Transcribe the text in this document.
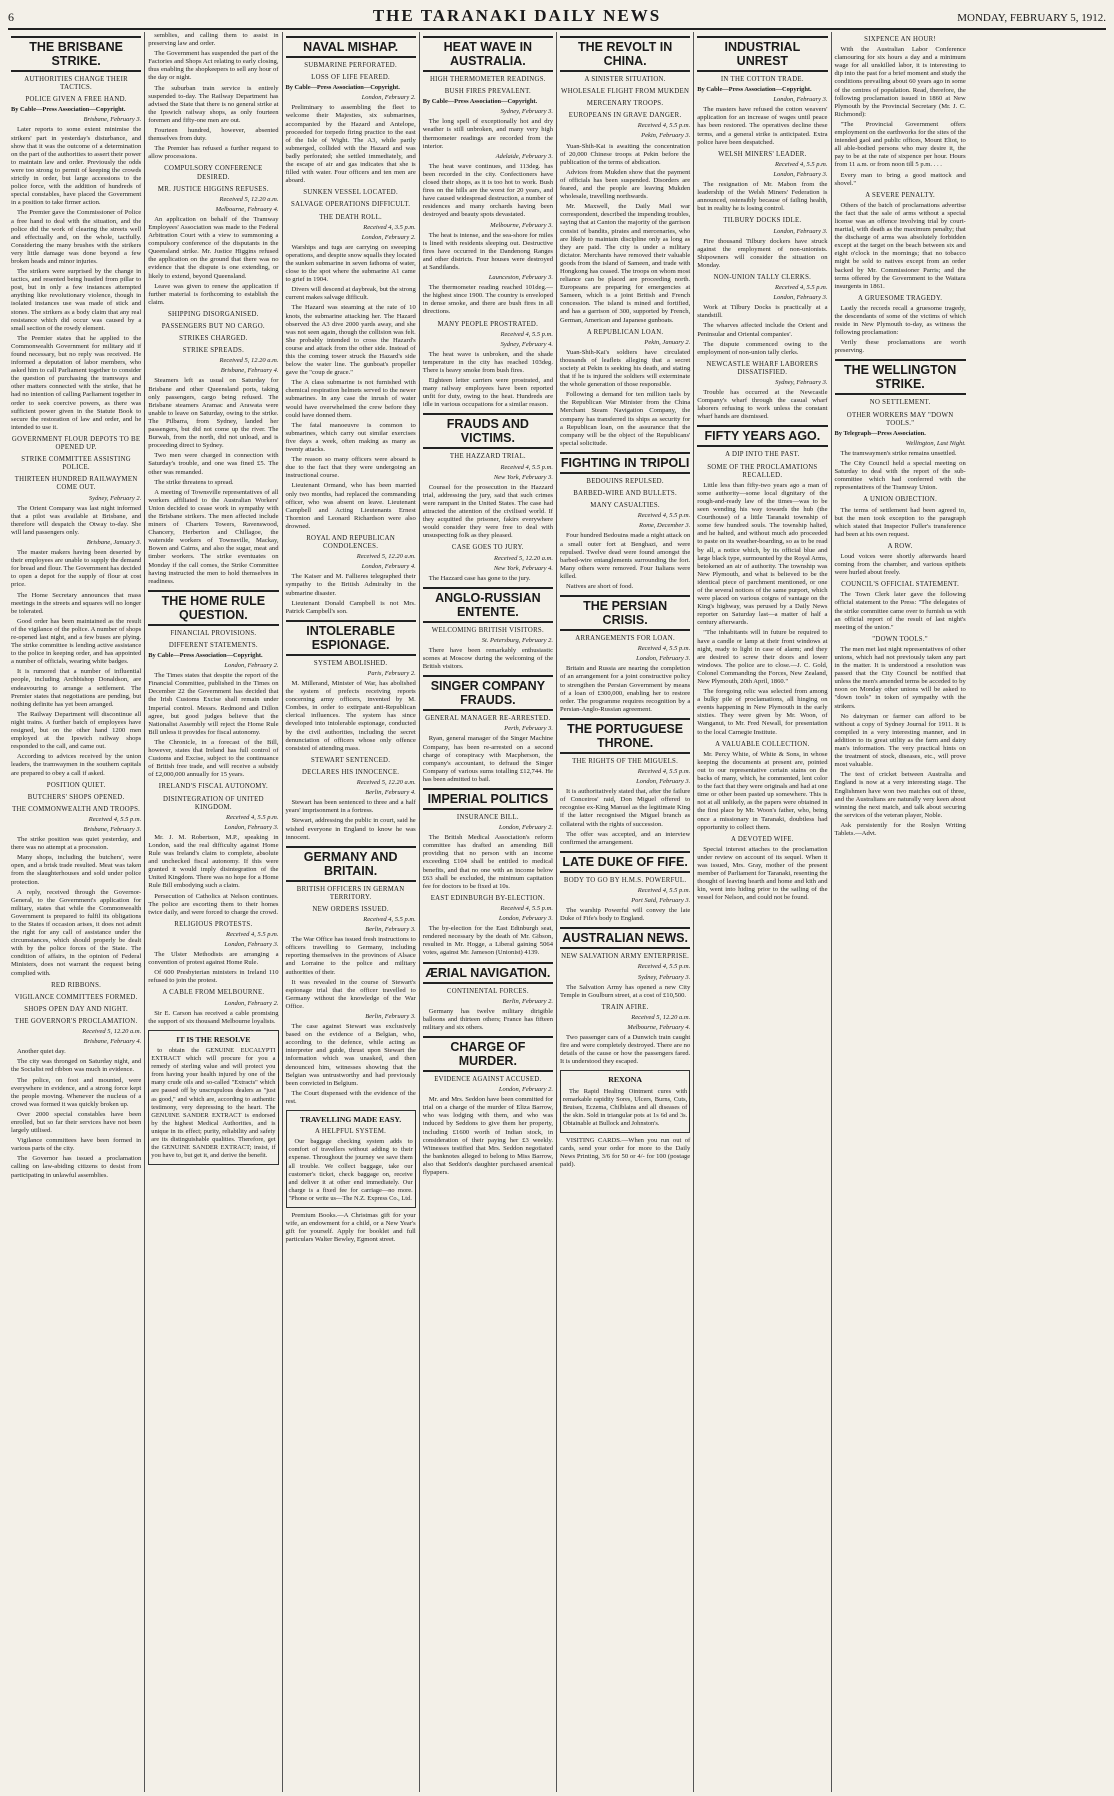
6	THE TARANAKI DAILY NEWS	MONDAY, FEBRUARY 5, 1912.
THE BRISBANE STRIKE.
AUTHORITIES CHANGE THEIR TACTICS.
POLICE GIVEN A FREE HAND.
By Cable—Press Association—Copyright.
Brisbane, February 3.

Later reports to some extent minimise the strikers' part in yesterday's disturbance, and show that it was the outcome of a determination on the part of the authorities to assert their power to maintain law and order. Previously the odds were too strong to permit of keeping the crowds strictly in order, but large accessions to the police force, with the addition of hundreds of special constables, have placed the Government in a position to take firmer action.

The Premier gave the Commissioner of Police a free hand to deal with the situation, and the police did the work of clearing the streets well and effectually and, on the whole, tactfully. Considering the many brushes with the strikers very little damage was done beyond a few broken heads and minor injuries.

The strikers were surprised by the change in tactics, and resented being hustled from pillar to post, but in only a few instances attempted anything like revolutionary violence, though in isolated instances use was made of stick and stones. The strikers as a body claim that any real resistance which did occur was caused by a small section of the rowdy element.

The Premier states that he applied to the Commonwealth Government for military aid if found necessary, but no reply was received. He informed a deputation of labor members, who asked him to call Parliament together to consider the question of purchasing the tramways and other matters connected with the strike, that he had no intention of calling Parliament together in order to seek coercive powers, as there was sufficient power given in the Statute Book to secure the restoration of law and order, and he intended to use it.

GOVERNMENT FLOUR DEPOTS TO BE OPENED UP.
STRIKE COMMITTEE ASSISTING POLICE.
THIRTEEN HUNDRED RAILWAYMEN COME OUT.
Sydney, February 2.

The Orient Company was last night informed that a pilot was available at Brisbane, and therefore will despatch the Otway to-day. She will land passengers only.

Brisbane, January 3.

The master makers having been deserted by their employees are unable to supply the demand for bread and flour. The Government has decided to open a depot for the supply of flour at cost price.

The Home Secretary announces that mass meetings in the streets and squares will no longer be tolerated.

Good order has been maintained as the result of the vigilance of the police. A number of shops re-opened last night, and a few buses are plying. The strike committee is lending active assistance to the police in keeping order, and has appointed a number of officials, wearing white badges.

It is rumored that a number of influential people, including Archbishop Donaldson, are endeavouring to arrange a settlement. The Premier states that negotiations are pending, but nothing definite has yet been arranged.

The Railway Department will discontinue all night trains. A further batch of employees have resigned, but on the other hand 1200 men employed at the Ipswich railway shops responded to the call, and came out.

According to advices received by the union leaders, the tramwaymen in the southern capitals are prepared to obey a call if asked.

POSITION QUIET.
BUTCHERS' SHOPS OPENED.
THE COMMONWEALTH AND TROOPS.
Received 4, 5.5 p.m.
Brisbane, February 3.

The strike position was quiet yesterday, and there was no attempt at a procession.

Many shops, including the butchers', were open, and a brisk trade resulted. Meat was taken from the slaughterhouses and sold under police protection.

A reply, received through the Governor-General, to the Government's application for military, states that while the Commonwealth Government is prepared to fulfil its obligations to the States if occasion arises, it does not admit the right for any call of assistance under the circumstances, which should properly be dealt with by the police forces of the State. The condition of affairs, in the opinion of Federal Ministers, does not warrant the request being complied with.

RED RIBBONS.
VIGILANCE COMMITTEES FORMED.
SHOPS OPEN DAY AND NIGHT.
THE GOVERNOR'S PROCLAMATION.
Received 5, 12.20 a.m.
Brisbane, February 4.

Another quiet day.

The city was thronged on Saturday night, and the Socialist red ribbon was much in evidence.

The police, on foot and mounted, were everywhere in evidence, and a strong force kept the people moving. Whenever the nucleus of a crowd was formed it was quickly broken up.

Over 2000 special constables have been enrolled, but so far their services have not been largely utilised.

Vigilance committees have been formed in various parts of the city.

The Governor has issued a proclamation calling on law-abiding citizens to desist from participating in unlawful assemblies.

semblies, and calling them to assist in preserving law and order.

The Government has suspended the part of the Factories and Shops Act relating to early closing, thus enabling the shopkeepers to sell any hour of the day or night.

The suburban train service is entirely suspended to-day. The Railway Department has advised the State that there is no general strike at the Ipswich railway shops, as only fourteen foremen and fifty-one men are out.

Fourteen hundred, however, absented themselves from duty.

The Premier has refused a further request to allow processions.

COMPULSORY CONFERENCE DESIRED.
MR. JUSTICE HIGGINS REFUSES.
Received 5, 12.20 a.m.
Melbourne, February 4.

An application on behalf of the Tramway Employees' Association was made to the Federal Arbitration Court with a view to summoning a compulsory conference of the disputants in the Queensland strike. Mr. Justice Higgins refused the application on the ground that there was no evidence that the dispute is one extending, or likely to extend, beyond Queensland.

Leave was given to renew the application if further material is forthcoming to establish the claim.

SHIPPING DISORGANISED.
PASSENGERS BUT NO CARGO.
STRIKES CHARGED.
STRIKE SPREADS.
Received 5, 12.20 a.m.
Brisbane, February 4.

Steamers left as usual on Saturday for Brisbane and other Queensland ports, taking only passengers, cargo being refused. The Brisbane steamers Aramac and Arawata were unable to leave on Saturday, owing to the strike. The Pilbarra, from Sydney, landed her passengers, but did not come up the river. The Burwah, from the north, did not unload, and is proceeding direct to Sydney.

Two men were charged in connection with Saturday's trouble, and one was fined £5. The other was remanded.

The strike threatens to spread.

A meeting of Townsville representatives of all workers affiliated to the Australian Workers' Union decided to cease work in sympathy with the Brisbane strikers. The men affected include miners of Charters Towers, Ravenswood, Chancery, Herberton and Chillagoe, the waterside workers of Townsville, Mackay, Bowen and Cairns, and also the sugar, meat and timber workers. The strike eventuates on Monday if the call comes, the Strike Committee having instructed the men to hold themselves in readiness.

THE HOME RULE QUESTION.
FINANCIAL PROVISIONS.
DIFFERENT STATEMENTS.
By Cable—Press Association—Copyright.
London, February 2.

The Times states that despite the report of the Financial Committee, published in the Times on December 22 the Government has decided that the Irish Customs Excise shall remain under Imperial control. Messrs. Redmond and Dillon agree, but good judges believe that the Nationalist Assembly will reject the Home Rule Bill unless it provides for fiscal autonomy.

The Chronicle, in a forecast of the Bill, however, states that Ireland has full control of Customs and Excise, subject to the continuance of British free trade, and will receive a subsidy of £2,000,000 annually for 15 years.

IRELAND'S FISCAL AUTONOMY.
DISINTEGRATION OF UNITED KINGDOM.
Received 4, 5.5 p.m.
London, February 3.

Mr. J. M. Robertson, M.P., speaking in London, said the real difficulty against Home Rule was Ireland's claim to complete, absolute and unchecked fiscal autonomy. If this were granted it would imply disintegration of the United Kingdom. There was no hope for a Home Rule Bill embodying such a claim.

Persecution of Catholics at Nelson continues. The police are escorting them to their homes twice daily, and were forced to charge the crowd.

RELIGIOUS PROTESTS.
Received 4, 5.5 p.m.
London, February 3.

The Ulster Methodists are arranging a convention of protest against Home Rule.

Of 600 Presbyterian ministers in Ireland 110 refused to join the protest.

A CABLE FROM MELBOURNE.
London, February 2.

Sir E. Carson has received a cable promising the support of six thousand Melbourne loyalists.

IT IS THE RESOLVE

to obtain the GENUINE EUCALYPTI EXTRACT which will procure for you a remedy of sterling value and will protect you from having your health injured by one of the many crude oils and so-called "Extracts" which are passed off by unscrupulous dealers as "just as good," and which are, according to authentic testimony, very depressing to the heart. The GENUINE SANDER EXTRACT is endorsed by the highest Medical Authorities, and is unique in its effect; purity, reliability and safety are its distinguishable qualities. Therefore, get the GENUINE SANDER EXTRACT; insist, if you have to, but get it, and derive the benefit.

NAVAL MISHAP.
SUBMARINE PERFORATED.
LOSS OF LIFE FEARED.
By Cable—Press Association—Copyright.
London, February 2.

Preliminary to assembling the fleet to welcome their Majesties, six submarines, accompanied by the Hazard and Antelope, proceeded for torpedo firing practice to the east of the Isle of Wight. The A3, while partly submerged, collided with the Hazard and was badly perforated; she settled immediately, and the escape of air and gas indicates that she is filled with water. Four officers and ten men are aboard.

SUNKEN VESSEL LOCATED.
SALVAGE OPERATIONS DIFFICULT.
THE DEATH ROLL.
Received 4, 3.5 p.m.
London, February 2.

Warships and tugs are carrying on sweeping operations, and despite snow squalls they located the sunken submarine in seven fathoms of water, close to the spot where the submarine A1 came to grief in 1904.

Divers will descend at daybreak, but the strong current makes salvage difficult.

The Hazard was steaming at the rate of 10 knots, the submarine attacking her. The Hazard observed the A3 dive 2000 yards away, and she was not seen again, though the collision was felt. She probably intended to cross the Hazard's course and attack from the other side. Instead of this the coming tower struck the Hazard's side below the water line. The gunboat's propeller gave the "coup de grace."

The A class submarine is not furnished with chemical respiration helmets served to the newer submarines. In any case the inrush of water would have overwhelmed the crew before they could have donned them.

The fatal manoeuvre is common to submarines, which carry out similar exercises five days a week, often making as many as twenty attacks.

The reason so many officers were aboard is due to the fact that they were undergoing an instructional course.

Lieutenant Ormand, who has been married only two months, had replaced the commanding officer, who was absent on leave. Lieutenant Campbell and Acting Lieutenants Ernest Thornton and Leonard Richardson were also drowned.

ROYAL AND REPUBLICAN CONDOLENCES.
Received 5, 12.20 a.m.
London, February 4.

The Kaiser and M. Fallieres telegraphed their sympathy to the British Admiralty in the submarine disaster.

Lieutenant Donald Campbell is not Mrs. Patrick Campbell's son.

INTOLERABLE ESPIONAGE.
SYSTEM ABOLISHED.
Paris, February 2.

M. Millerand, Minister of War, has abolished the system of prefects receiving reports concerning army officers, invented by M. Combes, in order to extirpate anti-Republican clerical influences. The system has since developed into intolerable espionage, conducted by the civil authorities, including the secret denunciation of officers whose only offence consisted of attending mass.

STEWART SENTENCED.
DECLARES HIS INNOCENCE.
Received 5, 12.20 a.m.
Berlin, February 4.

Stewart has been sentenced to three and a half years' imprisonment in a fortress.

Stewart, addressing the public in court, said he wished everyone in England to know he was innocent.

GERMANY AND BRITAIN.
BRITISH OFFICERS IN GERMAN TERRITORY.
NEW ORDERS ISSUED.
Received 4, 5.5 p.m.
Berlin, February 3.

The War Office has issued fresh instructions to officers travelling to Germany, including reporting themselves in the provinces of Alsace and Lorraine to the police and military authorities of their.

It was revealed in the course of Stewart's espionage trial that the officer travelled to Germany without the knowledge of the War Office.

Berlin, February 3.

The case against Stewart was exclusively based on the evidence of a Belgian, who, according to the defence, while acting as interpreter and guide, thrust upon Stewart the information which was unasked, and then denounced him, witnesses showing that the Belgian was untrustworthy and had previously been convicted in Belgium.

The Court dispensed with the evidence of the rest.

TRAVELLING MADE EASY.
A HELPFUL SYSTEM.

Our baggage checking system adds to comfort of travellers without adding to their expense. Throughout the journey we save them all trouble. We collect baggage, take our customer's ticket, check baggage on, receive and deliver it at other end immediately. Our charge is a fixed fee for carriage—no more. "Phone or write us—The N.Z. Express Co., Ltd.

Premium Books.—A Christmas gift for your wife, an endowment for a child, or a New Year's gift for yourself. Apply for booklet and full particulars Walter Bewley, Egmont street.

HEAT WAVE IN AUSTRALIA.
HIGH THERMOMETER READINGS.
BUSH FIRES PREVALENT.
By Cable—Press Association—Copyright.
Sydney, February 3.

The long spell of exceptionally hot and dry weather is still unbroken, and many very high thermometer readings are recorded from the interior.

Adelaide, February 3.

The heat wave continues, and 113deg. has been recorded in the city. Confectioners have closed their shops, as it is too hot to work. Bush fires on the hills are the worst for 20 years, and have caused widespread destruction, a number of residences and many orchards having been destroyed and beauty spots devastated.

Melbourne, February 3.

The heat is intense, and the sea-shore for miles is lined with residents sleeping out. Destructive fires have occurred in the Dandenong Ranges and other districts. Four houses were destroyed at Sandilands.

Launceston, February 3.

The thermometer reading reached 101deg.—the highest since 1900. The country is enveloped in dense smoke, and there are bush fires in all directions.

MANY PEOPLE PROSTRATED.
Received 4, 5.5 p.m.
Sydney, February 4.

The heat wave is unbroken, and the shade temperature in the city has reached 103deg. There is heavy smoke from bush fires.

Eighteen letter carriers were prostrated, and many railway employees have been reported unfit for duty, owing to the heat. Hundreds are idle in various occupations for a similar reason.

FRAUDS AND VICTIMS.
THE HAZZARD TRIAL.
Received 4, 5.5 p.m.
New York, February 3.

Counsel for the prosecution in the Hazzard trial, addressing the jury, said that such crimes were rampant in the United States. The case had attracted the attention of the civilised world. If they acquitted the prisoner, fakirs everywhere would consider they were free to deal with unsuspecting folk as they pleased.

CASE GOES TO JURY.
Received 5, 12.20 a.m.
New York, February 4.

The Hazzard case has gone to the jury.

ANGLO-RUSSIAN ENTENTE.
WELCOMING BRITISH VISITORS.
St. Petersburg, February 2.

There have been remarkably enthusiastic scenes at Moscow during the welcoming of the British visitors.

SINGER COMPANY FRAUDS.
GENERAL MANAGER RE-ARRESTED.
Perth, February 3.

Ryan, general manager of the Singer Machine Company, has been re-arrested on a second charge of conspiracy with Macpherson, the company's accountant, to defraud the Singer Company of various sums totalling £12,744. He has been admitted to bail.

IMPERIAL POLITICS
INSURANCE BILL.
London, February 2.

The British Medical Association's reform committee has drafted an amending Bill providing that no person with an income exceeding £104 shall be entitled to medical benefits, and that no one with an income below £63 shall be excluded, the minimum capitation fee for doctors to be fixed at 10s.

EAST EDINBURGH BY-ELECTION.
Received 4, 5.5 p.m.
London, February 3.

The by-election for the East Edinburgh seat, rendered necessary by the death of Mr. Gibson, resulted in Mr. Hogge, a Liberal gaining 5064 votes, against Mr. Jameson (Unionist) 4139.

ÆRIAL NAVIGATION.
CONTINENTAL FORCES.
Berlin, February 2.

Germany has twelve military dirigible balloons and thirteen others; France has fifteen military and six others.

CHARGE OF MURDER.
EVIDENCE AGAINST ACCUSED.
London, February 2.

Mr. and Mrs. Seddon have been committed for trial on a charge of the murder of Eliza Barrow, who was lodging with them, and who was induced by Seddons to give them her property, including £1600 worth of Indian stock, in consideration of their paying her £3 weekly. Witnesses testified that Mrs. Seddon negotiated the banknotes alleged to belong to Miss Barrow, also that Seddon's daughter purchased arsenical flypapers.

THE REVOLT IN CHINA.
A SINISTER SITUATION.
WHOLESALE FLIGHT FROM MUKDEN
MERCENARY TROOPS.
EUROPEANS IN GRAVE DANGER.
Received 4, 5.5 p.m.
Pekin, February 3.

Yuan-Shih-Kai is awaiting the concentration of 20,000 Chinese troops at Pekin before the publication of the terms of abdication.

Advices from Mukden show that the payment of officials has been suspended. Disorders are feared, and the people are leaving Mukden wholesale, travelling northwards.

Mr. Maxwell, the Daily Mail war correspondent, described the impending troubles, saying that at Canton the majority of the garrison consist of bandits, pirates and mercenaries, who are likely to maintain discipline only as long as they are paid. The city is under a military dictator. Merchants have removed their valuable goods from the island of Sameen, and trade with Hongkong has ceased. The troops on whom most reliance can be placed are proceeding north. Europeans are preparing for emergencies at Sameen, which is a joint British and French concession. The island is mined and fortified, and has a garrison of 300, supported by French, German, American and Japanese gunboats.

A REPUBLICAN LOAN.
Pekin, January 2.

Yuan-Shih-Kai's soldiers have circulated thousands of leaflets alleging that a secret society at Pekin is seeking his death, and stating that if he is injured the soldiers will exterminate the whole generation of those responsible.

Following a demand for ten million taels by the Republican War Minister from the China Merchant Steam Navigation Company, the company has transferred its ships as security for a Republican loan, on the assurance that the company will be the object of the Republicans' special solicitude.

FIGHTING IN TRIPOLI
BEDOUINS REPULSED.
BARBED-WIRE AND BULLETS.
MANY CASUALTIES.
Received 4, 5.5 p.m.
Rome, December 3.

Four hundred Bedouins made a night attack on a small outer fort at Benghazi, and were repulsed. Twelve dead were found amongst the barbed-wire entanglements surrounding the fort. Many others were removed. Four Italians were killed.

Natives are short of food.

THE PERSIAN CRISIS.
ARRANGEMENTS FOR LOAN.
Received 4, 5.5 p.m.
London, February 3.

Britain and Russia are nearing the completion of an arrangement for a joint constructive policy to strengthen the Persian Government by means of a loan of £300,000, enabling her to restore order. The programme requires recognition by a Persian-Anglo-Russian agreement.

THE PORTUGUESE THRONE.
THE RIGHTS OF THE MIGUELS.
Received 4, 5.5 p.m.
London, February 3.

It is authoritatively stated that, after the failure of Conceiros' raid, Don Miguel offered to recognise ex-King Manuel as the legitimate King if the latter recognised the Miguel branch as collateral with the rights of succession.

The offer was accepted, and an interview confirmed the arrangement.

LATE DUKE OF FIFE.
BODY TO GO BY H.M.S. POWERFUL.
Received 4, 5.5 p.m.
Port Said, February 3.

The warship Powerful will convey the late Duke of Fife's body to England.

AUSTRALIAN NEWS.
NEW SALVATION ARMY ENTERPRISE.
Received 4, 5.5 p.m.
Sydney, February 3.

The Salvation Army has opened a new City Temple in Goulburn street, at a cost of £10,500.

TRAIN AFIRE.
Received 5, 12.20 a.m.
Melbourne, February 4.

Two passenger cars of a Dunwich train caught fire and were completely destroyed. There are no details of the cause or how the passengers fared. It is understood they escaped.

REXONA

The Rapid Healing Ointment cures with remarkable rapidity Sores, Ulcers, Burns, Cuts, Bruises, Eczema, Chilblains and all diseases of the skin. Sold in triangular pots at 1s 6d and 3s. Obtainable at Bullock and Johnston's.

VISITING CARDS.—When you run out of cards, send your order for more to the Daily News Printing, 3/6 for 50 or 4/- for 100 (postage paid).

INDUSTRIAL UNREST
IN THE COTTON TRADE.
By Cable—Press Association—Copyright.
London, February 3.

The masters have refused the cotton weavers' application for an increase of wages until peace has been restored. The operatives decline these terms, and a general strike is anticipated. Extra police have been despatched.

WELSH MINERS' LEADER.
Received 4, 5.5 p.m.
London, February 3.

The resignation of Mr. Mabon from the leadership of the Welsh Miners' Federation is announced, ostensibly because of failing health, but in reality he is losing control.

TILBURY DOCKS IDLE.
London, February 3.

Fire thousand Tilbury dockers have struck against the employment of non-unionists. Shipowners will consider the situation on Monday.

NON-UNION TALLY CLERKS.
Received 4, 5.5 p.m.
London, February 3.

Work at Tilbury Docks is practically at a standstill.

The wharves affected include the Orient and Peninsular and Oriental companies'.

The dispute commenced owing to the employment of non-union tally clerks.

NEWCASTLE WHARF LABORERS DISSATISFIED.
Sydney, February 3.

Trouble has occurred at the Newcastle Company's wharf through the casual wharf laborers refusing to work unless the constant wharf hands are dismissed.

FIFTY YEARS AGO.
A DIP INTO THE PAST.
SOME OF THE PROCLAMATIONS RECALLED.

Little less than fifty-two years ago a man of some authority—some local dignitary of the rough-and-ready law of the times—was to be seen wending his way towards the hub (the Courthouse) of a little Taranaki township of some few hundred souls. The township halted, and he halted, and without much ado proceeded to paste on its weather-boarding, so as to be read by all, a notice which, by its official blue and large black type, surmounted by the Royal Arms, betokened an air of authority. The township was New Plymouth, and what is believed to be the identical piece of parchment mentioned, or one of the several notices of the same purport, which were placed on various coigns of vantage on the King's highway, was perused by a Daily News reporter on Saturday last—a matter of half a century afterwards.

"The inhabitants will in future be required to have a candle or lamp at their front windows at night, ready to light in case of alarm; and they are desired to screw their doors and lower windows. The police are to close.—J. C. Gold, Colonel Commanding the Forces, New Zealand, New Plymouth, 20th April, 1860."

The foregoing relic was selected from among a bulky pile of proclamations, all hinging on events happening in New Plymouth in the early sixties. They were given by Mr. Woon, of Wanganui, to Mr. Fred Newall, for presentation to the local Carnegie Institute.

A VALUABLE COLLECTION.

Mr. Percy White, of White & Sons, in whose keeping the documents at present are, pointed out to our representative certain stains on the backs of many, which, he commented, lent color to the fact that they were originals and had at one time or other been pasted up somewhere. This is not at all unlikely, as the papers were obtained in the first place by Mr. Woon's father, who, being once a missionary in Taranaki, doubtless had opportunity to collect them.

A DEVOTED WIFE.

Special interest attaches to the proclamation under review on account of its sequel. When it was issued, Mrs. Gray, mother of the present member of Parliament for Taranaki, resenting the thought of leaving hearth and home and kith and kin, went into hiding prior to the sailing of the vessel for Nelson, and could not be found.

SIXPENCE AN HOUR!

With the Australian Labor Conference clamouring for six hours a day and a minimum wage for all unskilled labor, it is interesting to dip into the past for a brief moment and study the conditions prevailing about 60 years ago in some of the centres of population. Read, therefore, the following proclamation issued in 1860 at New Plymouth by the Provincial Secretary (Mr. J. C. Richmond):

"The Provincial Government offers employment on the earthworks for the sites of the intended gaol and public offices, Mount Eliot, to all able-bodied persons who may desire it, the pay to be at the rate of sixpence per hour. Hours from 11 a.m. or from noon till 5 p.m. . . .

Every man to bring a good mattock and shovel."

A SEVERE PENALTY.

Others of the batch of proclamations advertise the fact that the sale of arms without a special license was an offence involving trial by court-martial, with death as the maximum penalty; that the discharge of arms was absolutely forbidden except at the target on the beach between six and eight o'clock in the mornings; that no tobacco might be sold to natives except from an order backed by Mr. Commissioner Parris; and the terms offered by the Government to the Waitara insurgents in 1861.

A GRUESOME TRAGEDY.

Lastly the records recall a gruesome tragedy, the descendants of some of the victims of which reside in New Plymouth to-day, as witness the following proclamation:

Verily these proclamations are worth preserving.

THE WELLINGTON STRIKE.
NO SETTLEMENT.
OTHER WORKERS MAY "DOWN TOOLS."
By Telegraph—Press Association.
Wellington, Last Night.

The tramwaymen's strike remains unsettled.

The City Council held a special meeting on Saturday to deal with the report of the sub-committee which had conferred with the representatives of the Tramway Union.

A UNION OBJECTION.

The terms of settlement had been agreed to, but the men took exception to the paragraph which stated that Inspector Fuller's transference had been at his own request.

A ROW.

Loud voices were shortly afterwards heard coming from the chamber, and various epithets were hurled about freely.

COUNCIL'S OFFICIAL STATEMENT.

The Town Clerk later gave the following official statement to the Press: "The delegates of the strike committee came over to furnish us with an official report of the result of last night's meeting of the union."

"DOWN TOOLS."

The men met last night representatives of other unions, which had not previously taken any part in the matter. It is understood a resolution was passed that the City Council be notified that unless the men's amended terms be acceded to by noon on Monday other unions will be asked to "down tools" in token of sympathy with the strikers.

No dairyman or farmer can afford to be without a copy of Sydney Journal for 1911. It is compiled in a very interesting manner, and in addition to its great utility as the farm and dairy man's information. The very practical hints on the treatment of stock, diseases, etc., will prove most valuable.

The test of cricket between Australia and England is now at a very interesting stage. The Englishmen have won two matches out of three, and the Australians are naturally very keen about winning the next match, and talk about securing the services of the veteran player, Noble.

Ask persistently for the Roslyn Writing Tablets.—Advt.
